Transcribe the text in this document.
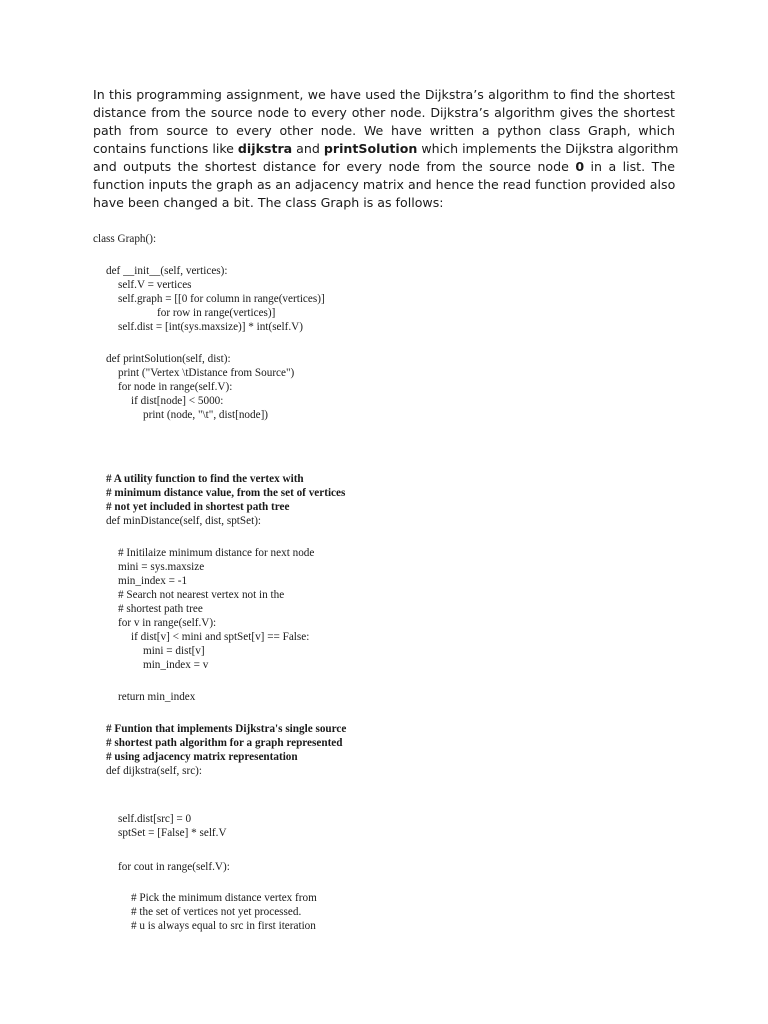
In this programming assignment, we have used the Dijkstra’s algorithm to find the shortest
distance from the source node to every other node. Dijkstra’s algorithm gives the shortest
path from source to every other node. We have written a python class Graph, which
contains functions like dijkstra and printSolution which implements the Dijkstra algorithm
and outputs the shortest distance for every node from the source node 0 in a list. The
function inputs the graph as an adjacency matrix and hence the read function provided also
have been changed a bit. The class Graph is as follows:
class Graph():
def __init__(self, vertices):
self.V = vertices
self.graph = [[0 for column in range(vertices)]
for row in range(vertices)]
self.dist = [int(sys.maxsize)] * int(self.V)
def printSolution(self, dist):
print ("Vertex \tDistance from Source")
for node in range(self.V):
if dist[node] < 5000:
print (node, "\t", dist[node])
# A utility function to find the vertex with
# minimum distance value, from the set of vertices
# not yet included in shortest path tree
def minDistance(self, dist, sptSet):
# Initilaize minimum distance for next node
mini = sys.maxsize
min_index = -1
# Search not nearest vertex not in the
# shortest path tree
for v in range(self.V):
if dist[v] < mini and sptSet[v] == False:
mini = dist[v]
min_index = v
return min_index
# Funtion that implements Dijkstra's single source
# shortest path algorithm for a graph represented
# using adjacency matrix representation
def dijkstra(self, src):
self.dist[src] = 0
sptSet = [False] * self.V
for cout in range(self.V):
# Pick the minimum distance vertex from
# the set of vertices not yet processed.
# u is always equal to src in first iteration
